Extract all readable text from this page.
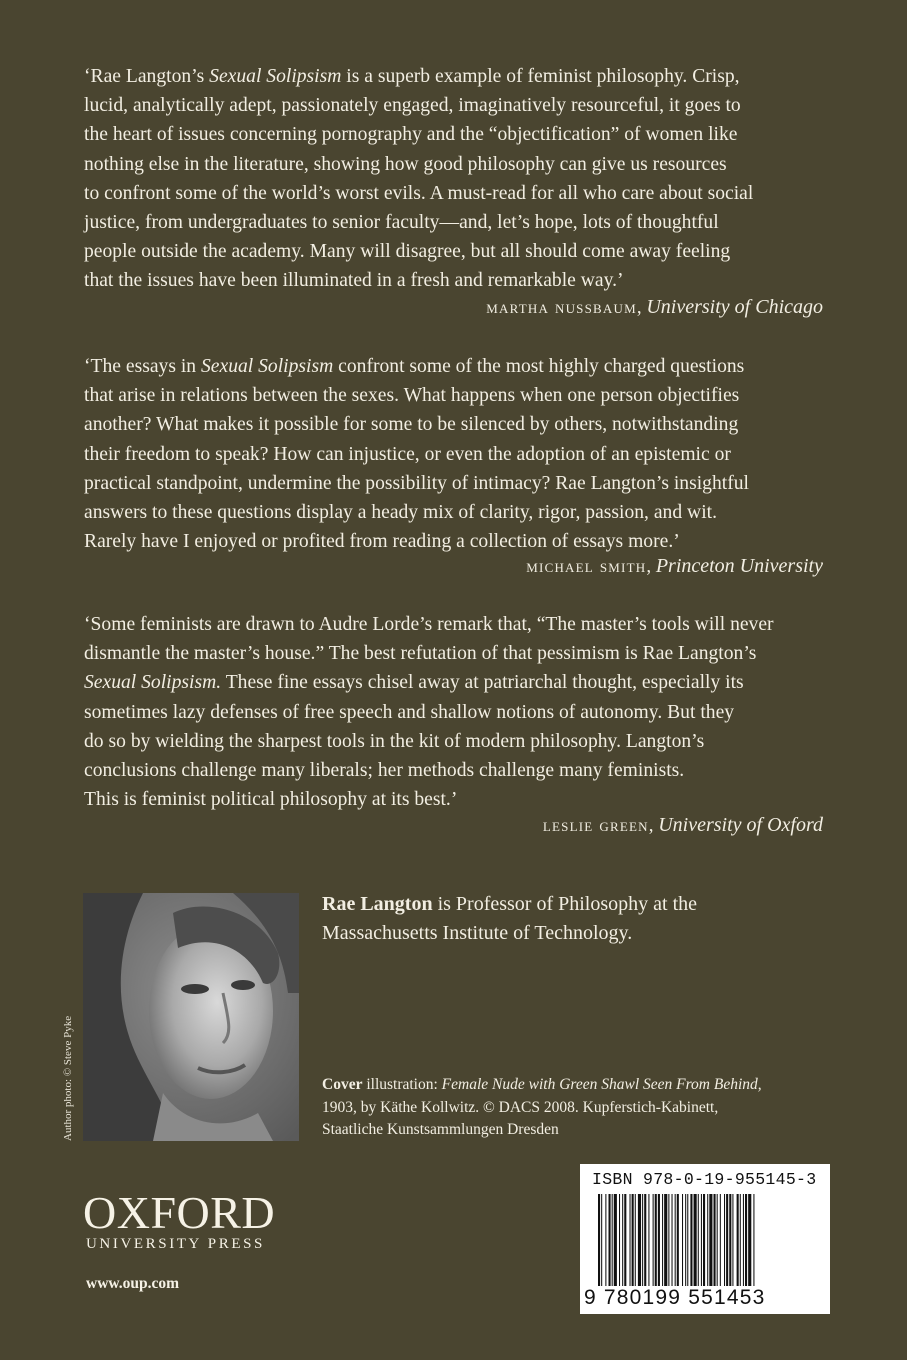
‘Rae Langton’s Sexual Solipsism is a superb example of feminist philosophy. Crisp,
lucid, analytically adept, passionately engaged, imaginatively resourceful, it goes to
the heart of issues concerning pornography and the “objectification” of women like
nothing else in the literature, showing how good philosophy can give us resources
to confront some of the world’s worst evils. A must-read for all who care about social
justice, from undergraduates to senior faculty—and, let’s hope, lots of thoughtful
people outside the academy. Many will disagree, but all should come away feeling
that the issues have been illuminated in a fresh and remarkable way.’
martha nussbaum, University of Chicago
‘The essays in Sexual Solipsism confront some of the most highly charged questions
that arise in relations between the sexes. What happens when one person objectifies
another? What makes it possible for some to be silenced by others, notwithstanding
their freedom to speak? How can injustice, or even the adoption of an epistemic or
practical standpoint, undermine the possibility of intimacy? Rae Langton’s insightful
answers to these questions display a heady mix of clarity, rigor, passion, and wit.
Rarely have I enjoyed or profited from reading a collection of essays more.’
michael smith, Princeton University
‘Some feminists are drawn to Audre Lorde’s remark that, “The master’s tools will never
dismantle the master’s house.” The best refutation of that pessimism is Rae Langton’s
Sexual Solipsism. These fine essays chisel away at patriarchal thought, especially its
sometimes lazy defenses of free speech and shallow notions of autonomy. But they
do so by wielding the sharpest tools in the kit of modern philosophy. Langton’s
conclusions challenge many liberals; her methods challenge many feminists.
This is feminist political philosophy at its best.’
leslie green, University of Oxford
Author photo: © Steve Pyke
Rae Langton is Professor of Philosophy at the
Massachusetts Institute of Technology.
Cover illustration: Female Nude with Green Shawl Seen From Behind,
1903, by Käthe Kollwitz. © DACS 2008. Kupferstich-Kabinett,
Staatliche Kunstsammlungen Dresden
OXFORD
UNIVERSITY PRESS
www.oup.com
ISBN 978-0-19-955145-3
9 780199 551453
